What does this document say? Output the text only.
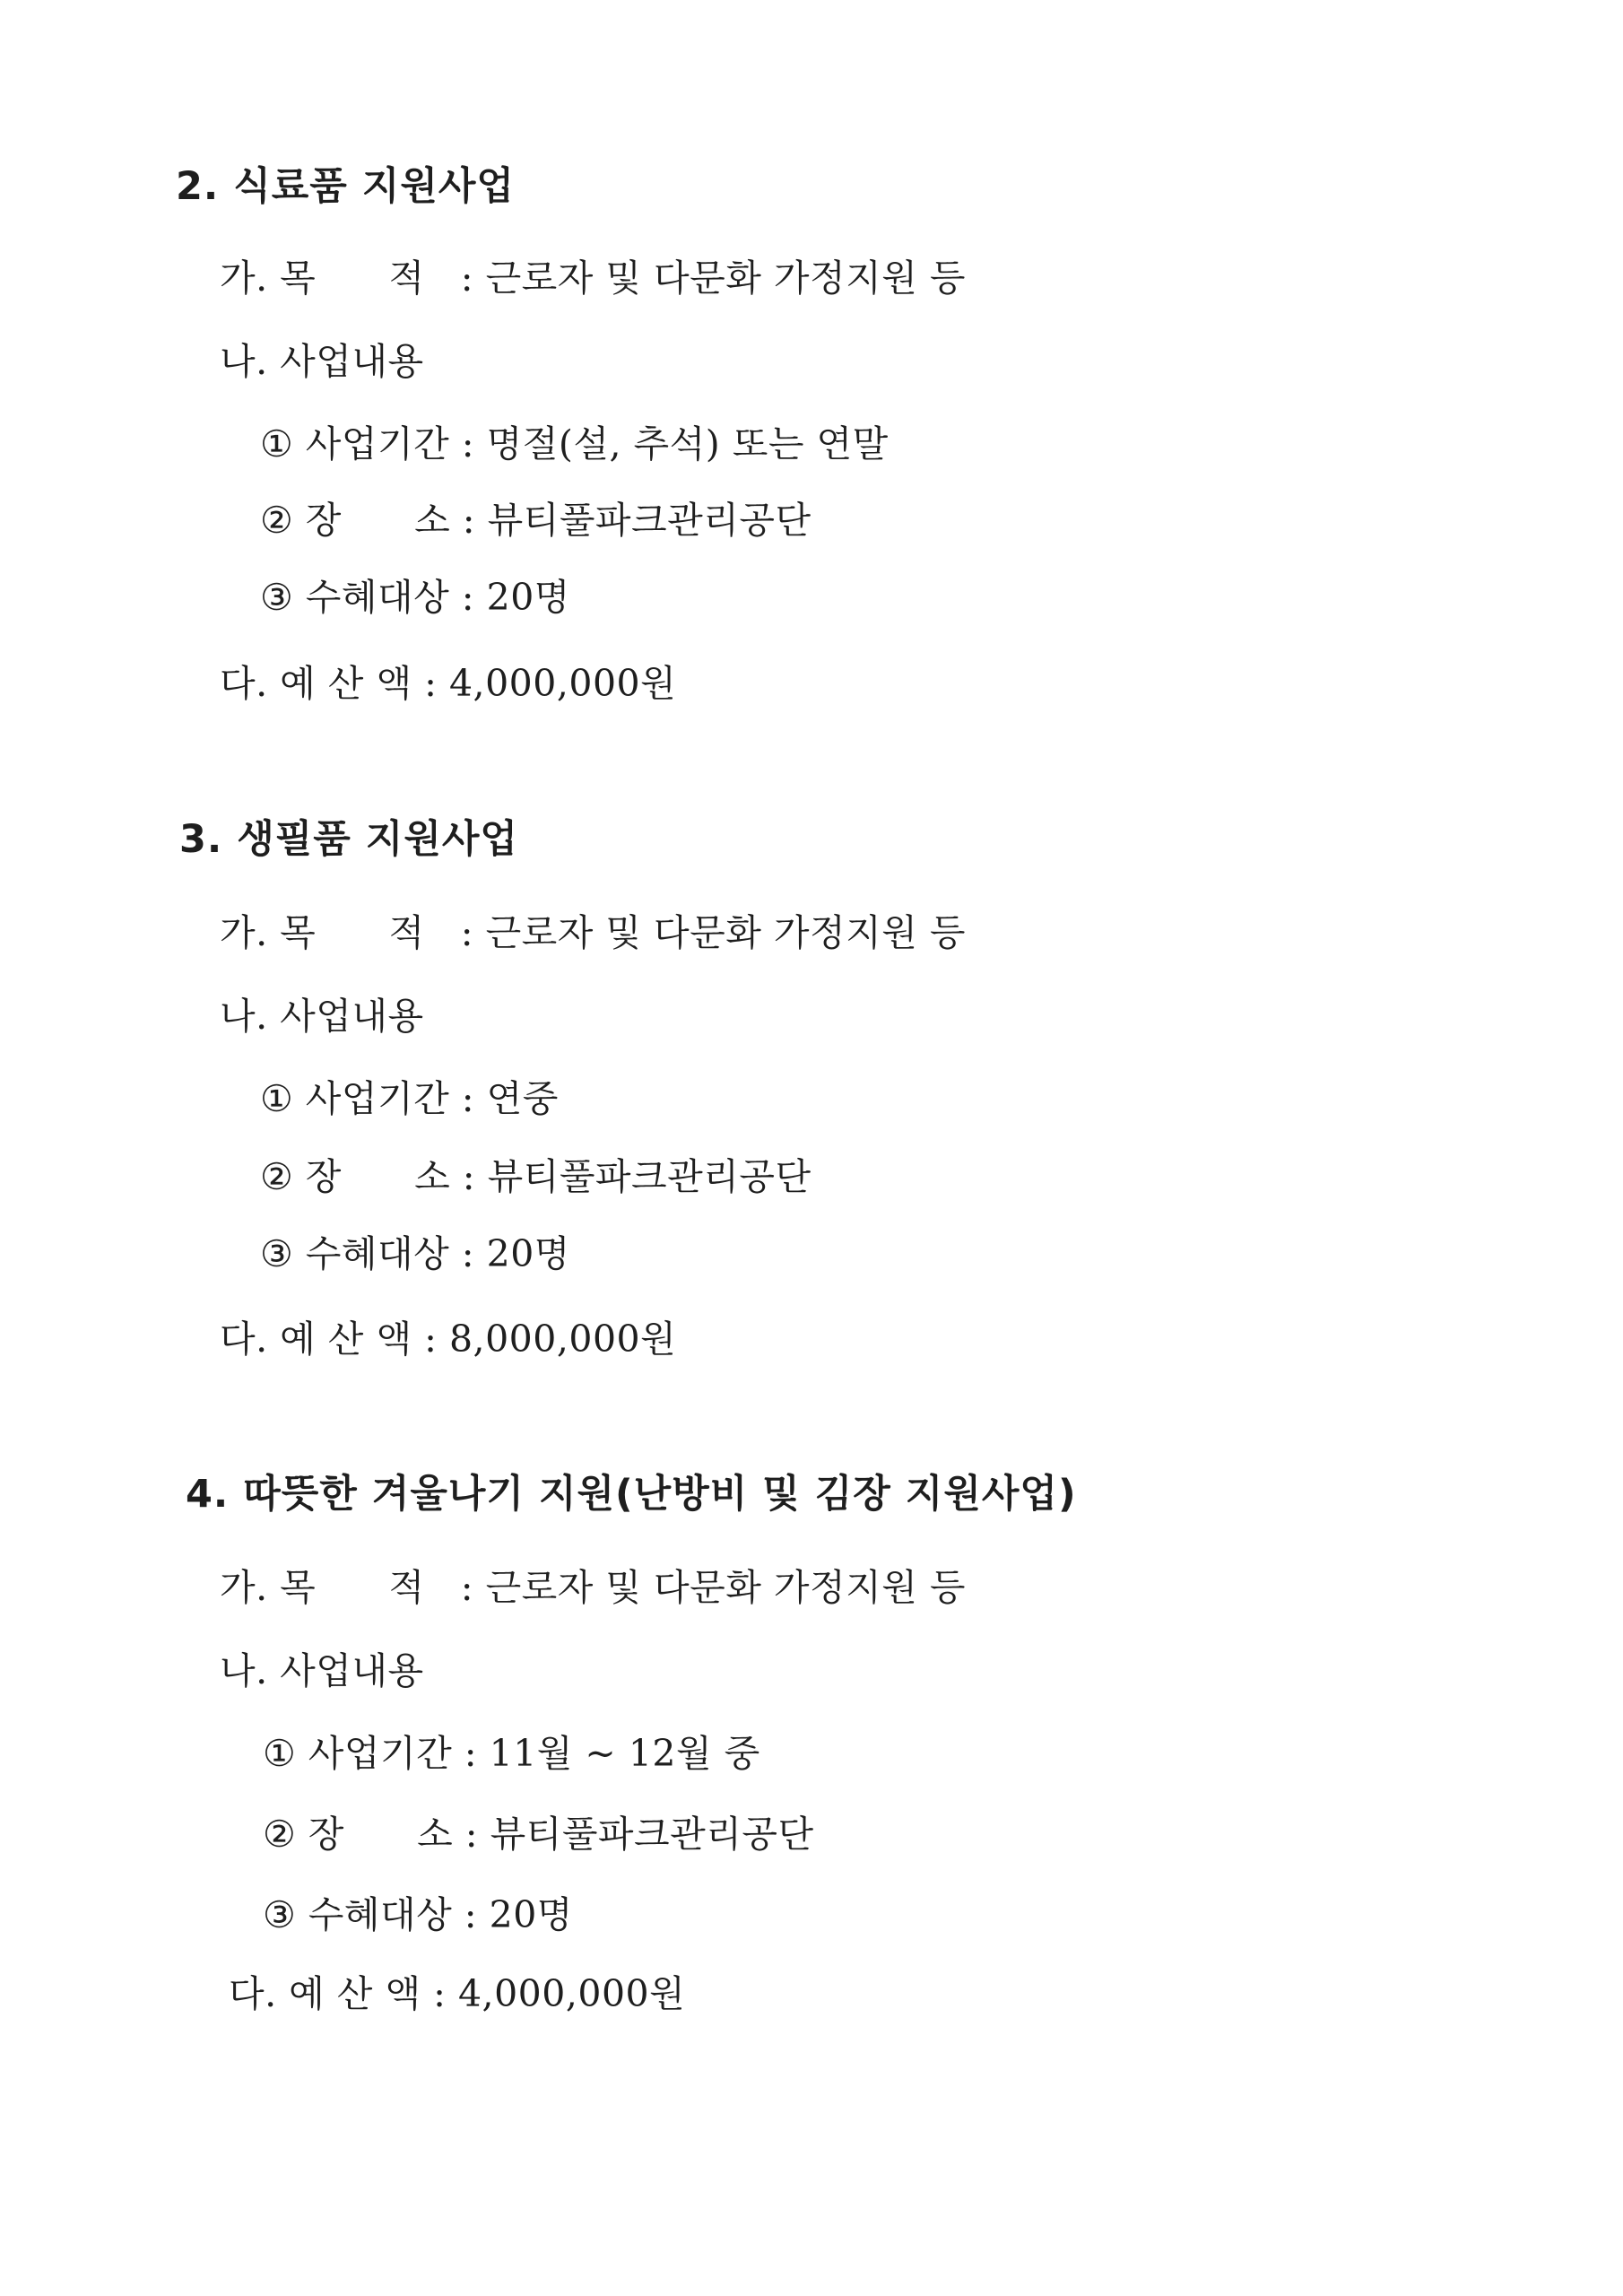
2. 식료품 지원사업
가. 목      적 : 근로자 및 다문화 가정지원 등
나. 사업내용
① 사업기간 : 명절(설, 추석) 또는 연말
② 장      소 : 뷰티풀파크관리공단
③ 수혜대상 : 20명
다. 예 산 액 : 4,000,000원
3. 생필품 지원사업
가. 목      적 : 근로자 및 다문화 가정지원 등
나. 사업내용
① 사업기간 : 연중
② 장      소 : 뷰티풀파크관리공단
③ 수혜대상 : 20명
다. 예 산 액 : 8,000,000원
4. 따뜻한 겨울나기 지원(난방비 및 김장 지원사업)
가. 목      적 : 근로자 및 다문화 가정지원 등
나. 사업내용
① 사업기간 : 11월 ~ 12월 중
② 장      소 : 뷰티풀파크관리공단
③ 수혜대상 : 20명
다. 예 산 액 : 4,000,000원
